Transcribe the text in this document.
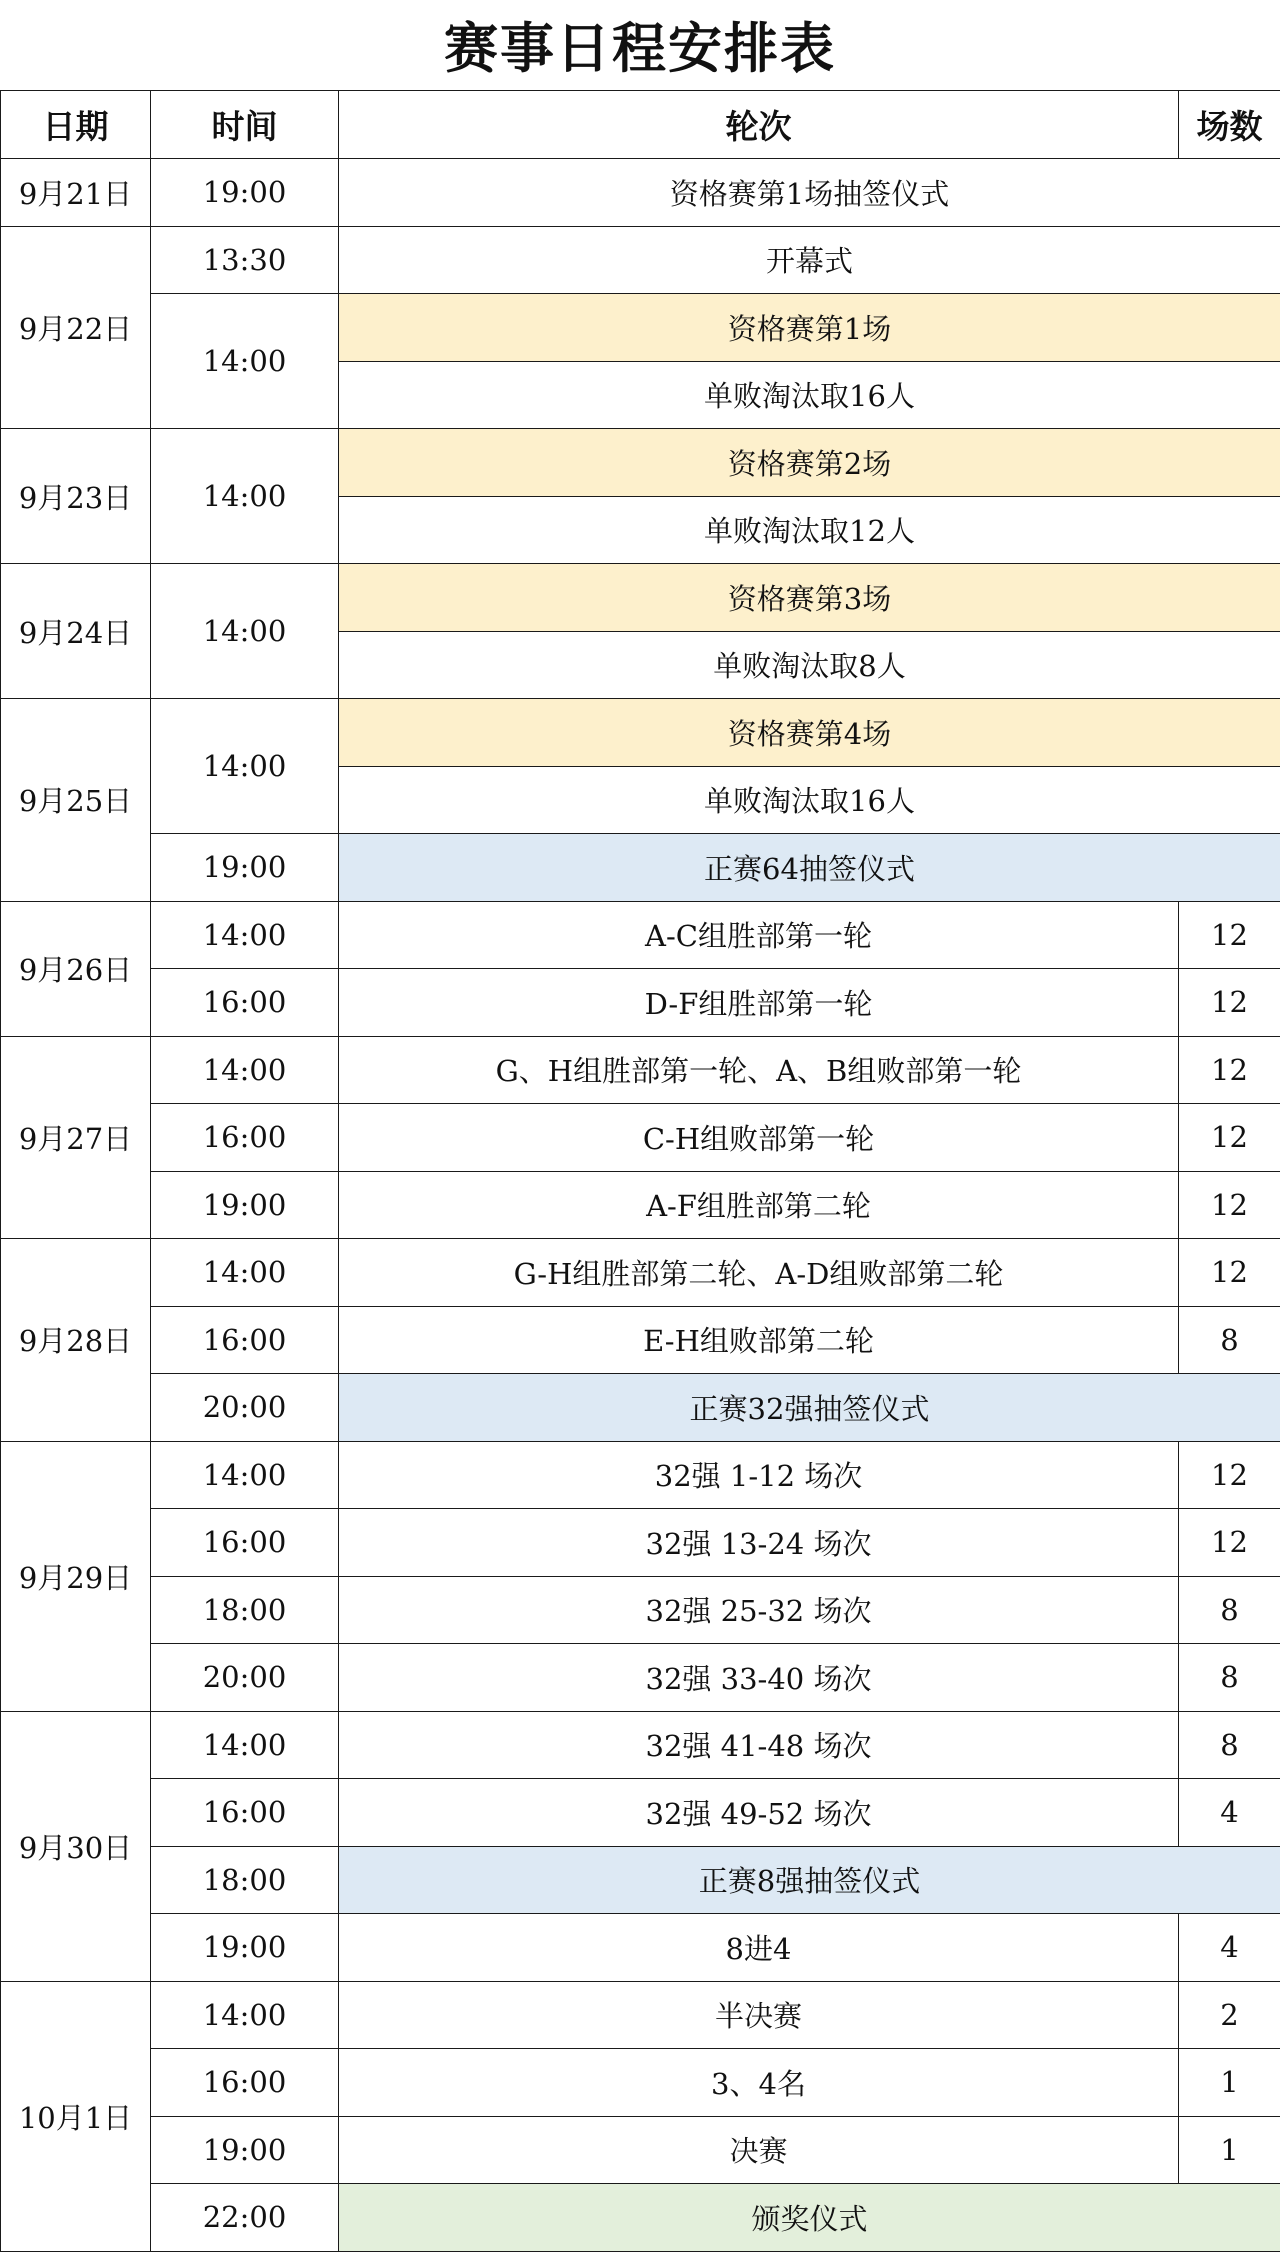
赛事日程安排表
日期	时间	轮次	场数
9月21日	19:00	资格赛第1场抽签仪式	
9月22日	13:30	开幕式	
	14:00	资格赛第1场	
		单败淘汰取16人	
9月23日	14:00	资格赛第2场	
		单败淘汰取12人	
9月24日	14:00	资格赛第3场	
		单败淘汰取8人	
9月25日	14:00	资格赛第4场	
		单败淘汰取16人	
	19:00	正赛64抽签仪式	
9月26日	14:00	A-C组胜部第一轮	12
	16:00	D-F组胜部第一轮	12
9月27日	14:00	G、H组胜部第一轮、A、B组败部第一轮	12
	16:00	C-H组败部第一轮	12
	19:00	A-F组胜部第二轮	12
9月28日	14:00	G-H组胜部第二轮、A-D组败部第二轮	12
	16:00	E-H组败部第二轮	8
	20:00	正赛32强抽签仪式	
9月29日	14:00	32强 1-12 场次	12
	16:00	32强 13-24 场次	12
	18:00	32强 25-32 场次	8
	20:00	32强 33-40 场次	8
9月30日	14:00	32强 41-48 场次	8
	16:00	32强 49-52 场次	4
	18:00	正赛8强抽签仪式	
	19:00	8进4	4
10月1日	14:00	半决赛	2
	16:00	3、4名	1
	19:00	决赛	1
	22:00	颁奖仪式	
